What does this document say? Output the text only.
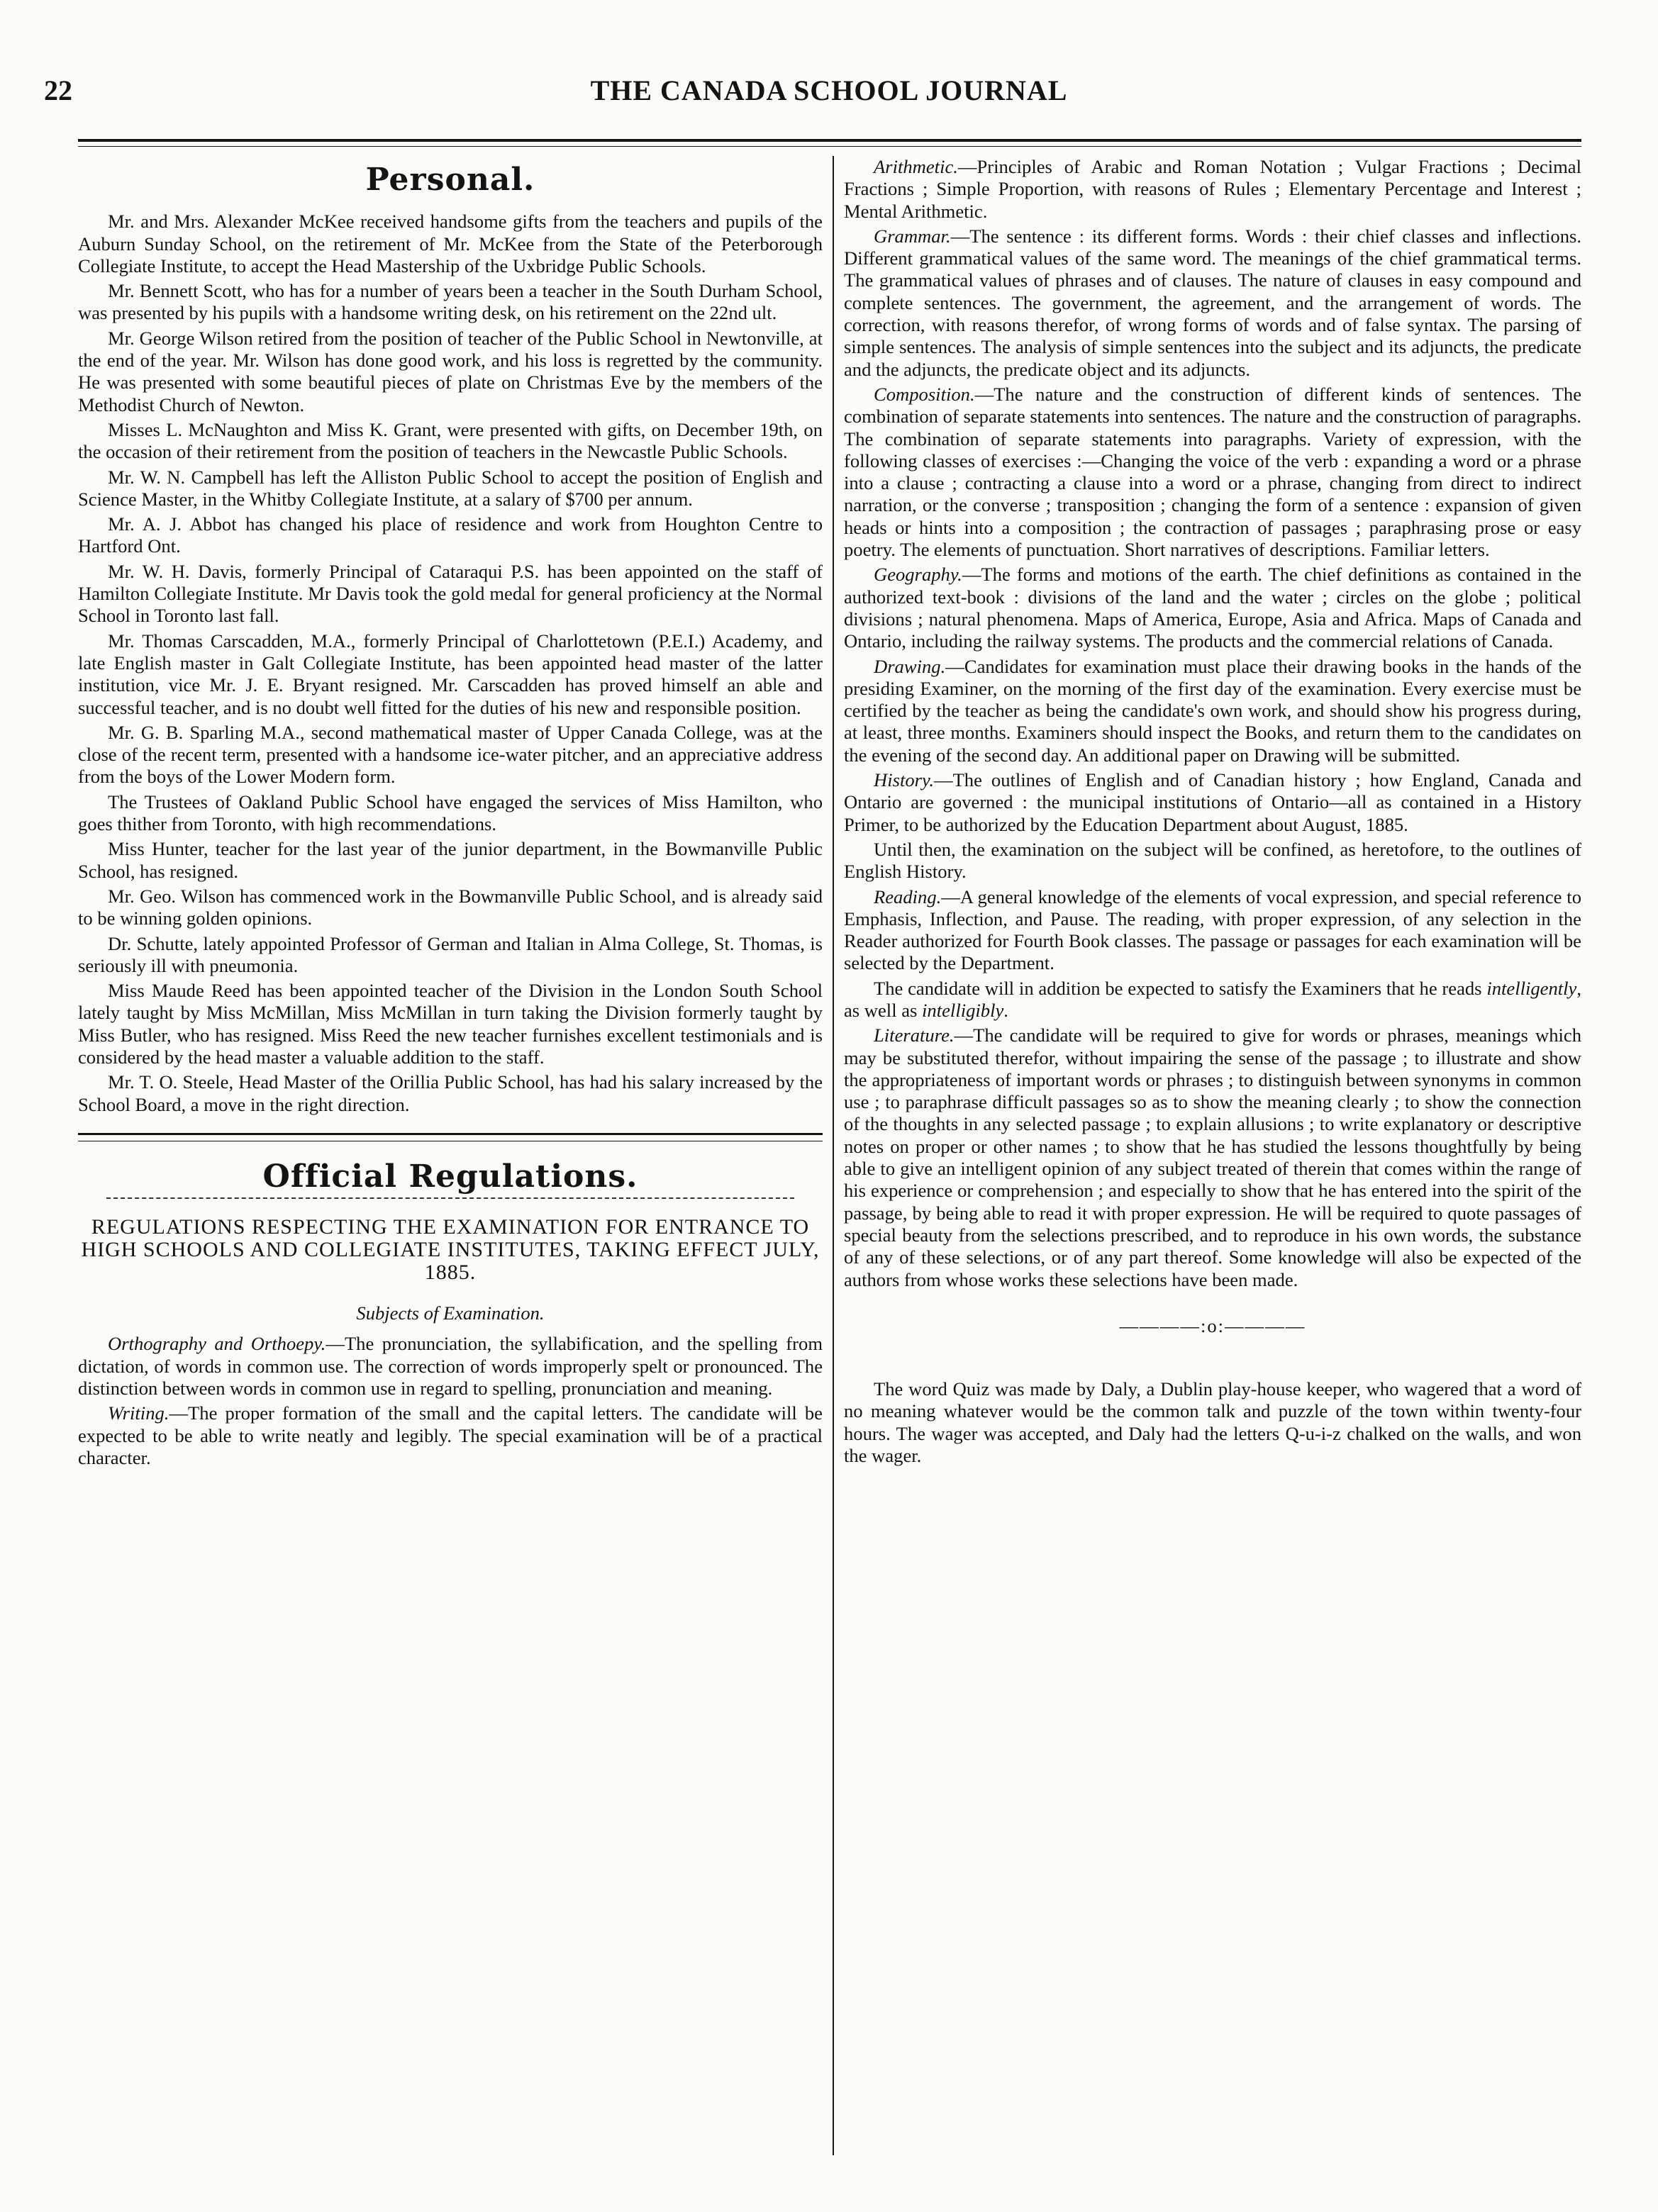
22	THE CANADA SCHOOL JOURNAL
Personal.

Mr. and Mrs. Alexander McKee received handsome gifts from the teachers and pupils of the Auburn Sunday School, on the retirement of Mr. McKee from the State of the Peterborough Collegiate Institute, to accept the Head Mastership of the Uxbridge Public Schools.

Mr. Bennett Scott, who has for a number of years been a teacher in the South Durham School, was presented by his pupils with a handsome writing desk, on his retirement on the 22nd ult.

Mr. George Wilson retired from the position of teacher of the Public School in Newtonville, at the end of the year. Mr. Wilson has done good work, and his loss is regretted by the community. He was presented with some beautiful pieces of plate on Christmas Eve by the members of the Methodist Church of Newton.

Misses L. McNaughton and Miss K. Grant, were presented with gifts, on December 19th, on the occasion of their retirement from the position of teachers in the Newcastle Public Schools.

Mr. W. N. Campbell has left the Alliston Public School to accept the position of English and Science Master, in the Whitby Collegiate Institute, at a salary of $700 per annum.

Mr. A. J. Abbot has changed his place of residence and work from Houghton Centre to Hartford Ont.

Mr. W. H. Davis, formerly Principal of Cataraqui P.S. has been appointed on the staff of Hamilton Collegiate Institute. Mr Davis took the gold medal for general proficiency at the Normal School in Toronto last fall.

Mr. Thomas Carscadden, M.A., formerly Principal of Charlottetown (P.E.I.) Academy, and late English master in Galt Collegiate Institute, has been appointed head master of the latter institution, vice Mr. J. E. Bryant resigned. Mr. Carscadden has proved himself an able and successful teacher, and is no doubt well fitted for the duties of his new and responsible position.

Mr. G. B. Sparling M.A., second mathematical master of Upper Canada College, was at the close of the recent term, presented with a handsome ice-water pitcher, and an appreciative address from the boys of the Lower Modern form.

The Trustees of Oakland Public School have engaged the services of Miss Hamilton, who goes thither from Toronto, with high recommendations.

Miss Hunter, teacher for the last year of the junior department, in the Bowmanville Public School, has resigned.

Mr. Geo. Wilson has commenced work in the Bowmanville Public School, and is already said to be winning golden opinions.

Dr. Schutte, lately appointed Professor of German and Italian in Alma College, St. Thomas, is seriously ill with pneumonia.

Miss Maude Reed has been appointed teacher of the Division in the London South School lately taught by Miss McMillan, Miss McMillan in turn taking the Division formerly taught by Miss Butler, who has resigned. Miss Reed the new teacher furnishes excellent testimonials and is considered by the head master a valuable addition to the staff.

Mr. T. O. Steele, Head Master of the Orillia Public School, has had his salary increased by the School Board, a move in the right direction.

Official Regulations.
REGULATIONS RESPECTING THE EXAMINATION FOR ENTRANCE TO HIGH SCHOOLS AND COLLEGIATE INSTITUTES, TAKING EFFECT JULY, 1885.
Subjects of Examination.

Orthography and Orthoepy.—The pronunciation, the syllabification, and the spelling from dictation, of words in common use. The correction of words improperly spelt or pronounced. The distinction between words in common use in regard to spelling, pronunciation and meaning.

Writing.—The proper formation of the small and the capital letters. The candidate will be expected to be able to write neatly and legibly. The special examination will be of a practical character.

Arithmetic.—Principles of Arabic and Roman Notation ; Vulgar Fractions ; Decimal Fractions ; Simple Proportion, with reasons of Rules ; Elementary Percentage and Interest ; Mental Arithmetic.

Grammar.—The sentence : its different forms. Words : their chief classes and inflections. Different grammatical values of the same word. The meanings of the chief grammatical terms. The grammatical values of phrases and of clauses. The nature of clauses in easy compound and complete sentences. The government, the agreement, and the arrangement of words. The correction, with reasons therefor, of wrong forms of words and of false syntax. The parsing of simple sentences. The analysis of simple sentences into the subject and its adjuncts, the predicate and the adjuncts, the predicate object and its adjuncts.

Composition.—The nature and the construction of different kinds of sentences. The combination of separate statements into sentences. The nature and the construction of paragraphs. The combination of separate statements into paragraphs. Variety of expression, with the following classes of exercises :—Changing the voice of the verb : expanding a word or a phrase into a clause ; contracting a clause into a word or a phrase, changing from direct to indirect narration, or the converse ; transposition ; changing the form of a sentence : expansion of given heads or hints into a composition ; the contraction of passages ; paraphrasing prose or easy poetry. The elements of punctuation. Short narratives of descriptions. Familiar letters.

Geography.—The forms and motions of the earth. The chief definitions as contained in the authorized text-book : divisions of the land and the water ; circles on the globe ; political divisions ; natural phenomena. Maps of America, Europe, Asia and Africa. Maps of Canada and Ontario, including the railway systems. The products and the commercial relations of Canada.

Drawing.—Candidates for examination must place their drawing books in the hands of the presiding Examiner, on the morning of the first day of the examination. Every exercise must be certified by the teacher as being the candidate's own work, and should show his progress during, at least, three months. Examiners should inspect the Books, and return them to the candidates on the evening of the second day. An additional paper on Drawing will be submitted.

History.—The outlines of English and of Canadian history ; how England, Canada and Ontario are governed : the municipal institutions of Ontario—all as contained in a History Primer, to be authorized by the Education Department about August, 1885.

Until then, the examination on the subject will be confined, as heretofore, to the outlines of English History.

Reading.—A general knowledge of the elements of vocal expression, and special reference to Emphasis, Inflection, and Pause. The reading, with proper expression, of any selection in the Reader authorized for Fourth Book classes. The passage or passages for each examination will be selected by the Department.

The candidate will in addition be expected to satisfy the Examiners that he reads intelligently, as well as intelligibly.

Literature.—The candidate will be required to give for words or phrases, meanings which may be substituted therefor, without impairing the sense of the passage ; to illustrate and show the appropriateness of important words or phrases ; to distinguish between synonyms in common use ; to paraphrase difficult passages so as to show the meaning clearly ; to show the connection of the thoughts in any selected passage ; to explain allusions ; to write explanatory or descriptive notes on proper or other names ; to show that he has studied the lessons thoughtfully by being able to give an intelligent opinion of any subject treated of therein that comes within the range of his experience or comprehension ; and especially to show that he has entered into the spirit of the passage, by being able to read it with proper expression. He will be required to quote passages of special beauty from the selections prescribed, and to reproduce in his own words, the substance of any of these selections, or of any part thereof. Some knowledge will also be expected of the authors from whose works these selections have been made.

————:o:————

The word Quiz was made by Daly, a Dublin play-house keeper, who wagered that a word of no meaning whatever would be the common talk and puzzle of the town within twenty-four hours. The wager was accepted, and Daly had the letters Q-u-i-z chalked on the walls, and won the wager.
